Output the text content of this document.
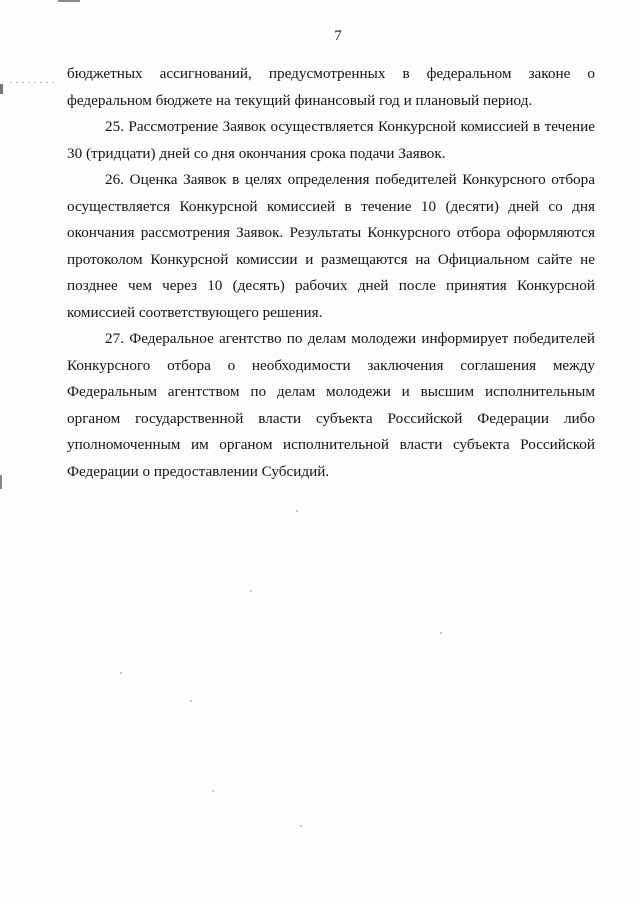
7

бюджетных ассигнований, предусмотренных в федеральном законе о федеральном бюджете на текущий финансовый год и плановый период.

25. Рассмотрение Заявок осуществляется Конкурсной комиссией в течение 30 (тридцати) дней со дня окончания срока подачи Заявок.

26. Оценка Заявок в целях определения победителей Конкурсного отбора осуществляется Конкурсной комиссией в течение 10 (десяти) дней со дня окончания рассмотрения Заявок. Результаты Конкурсного отбора оформляются протоколом Конкурсной комиссии и размещаются на Официальном сайте не позднее чем через 10 (десять) рабочих дней после принятия Конкурсной комиссией соответствующего решения.

27. Федеральное агентство по делам молодежи информирует победителей Конкурсного отбора о необходимости заключения соглашения между Федеральным агентством по делам молодежи и высшим исполнительным органом государственной власти субъекта Российской Федерации либо уполномоченным им органом исполнительной власти субъекта Российской Федерации о предоставлении Субсидий.
